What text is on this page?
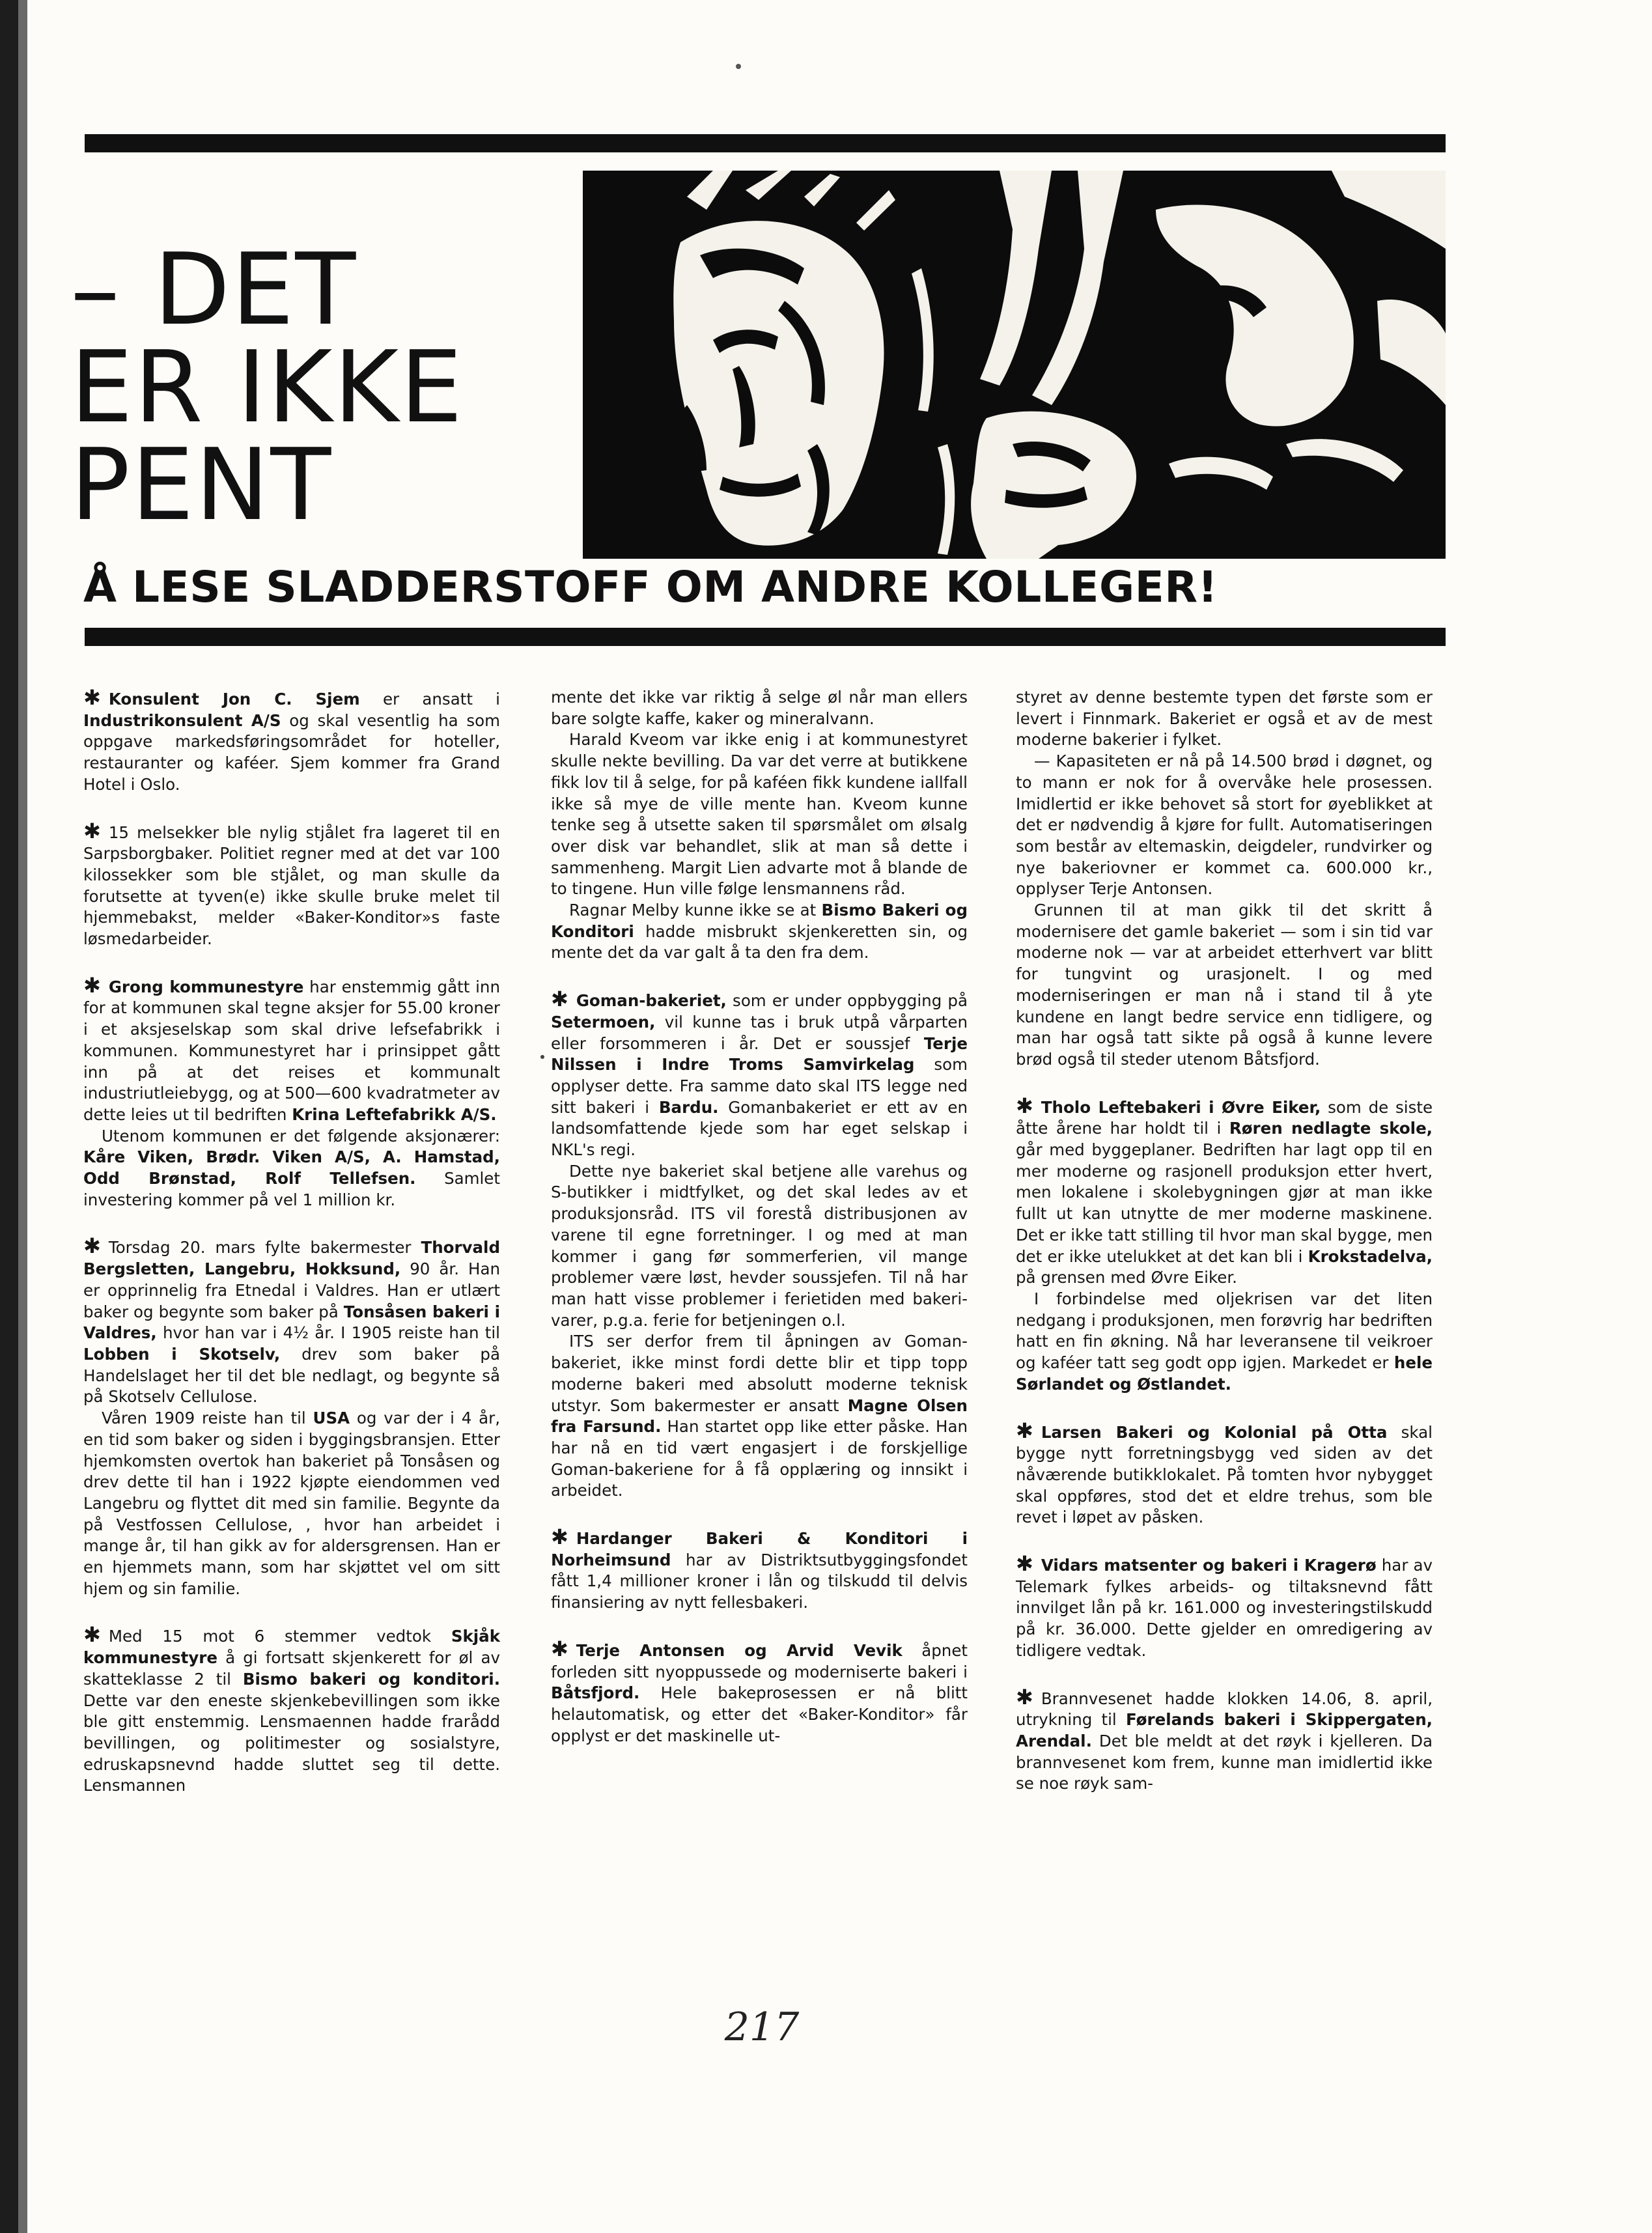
– DET
ER IKKE
PENT
Å LESE SLADDERSTOFF OM ANDRE KOLLEGER!

✱ Konsulent Jon C. Sjem er ansatt i Industrikonsulent A/S og skal vesentlig ha som oppgave markedsføringsområdet for hoteller, restauranter og kaféer. Sjem kommer fra Grand Hotel i Oslo.

✱ 15 melsekker ble nylig stjålet fra lageret til en Sarpsborgbaker. Politiet regner med at det var 100 kilossekker som ble stjålet, og man skulle da forutsette at tyven(e) ikke skulle bruke melet til hjemmebakst, melder «Baker-Konditor»s faste løsmedarbeider.

✱ Grong kommunestyre har enstemmig gått inn for at kommunen skal tegne aksjer for 55.00 kroner i et aksjeselskap som skal drive lefsefabrikk i kommunen. Kommunestyret har i prinsippet gått inn på at det reises et kommunalt industriutleiebygg, og at 500—600 kvadratmeter av dette leies ut til bedriften Krina Leftefabrikk A/S.

Utenom kommunen er det følgende aksjonærer: Kåre Viken, Brødr. Viken A/S, A. Hamstad, Odd Brønstad, Rolf Tellefsen. Samlet investering kommer på vel 1 million kr.

✱ Torsdag 20. mars fylte bakermester Thorvald Bergsletten, Langebru, Hokksund, 90 år. Han er opprinnelig fra Etnedal i Valdres. Han er utlært baker og begynte som baker på Tonsåsen bakeri i Valdres, hvor han var i 4½ år. I 1905 reiste han til Lobben i Skotselv, drev som baker på Handelslaget her til det ble nedlagt, og begynte så på Skotselv Cellulose.

Våren 1909 reiste han til USA og var der i 4 år, en tid som baker og siden i byggingsbransjen. Etter hjemkomsten overtok han bakeriet på Tonsåsen og drev dette til han i 1922 kjøpte eiendommen ved Langebru og flyttet dit med sin familie. Begynte da på Vestfossen Cellulose, , hvor han arbeidet i mange år, til han gikk av for aldersgrensen. Han er en hjemmets mann, som har skjøttet vel om sitt hjem og sin familie.

✱ Med 15 mot 6 stemmer vedtok Skjåk kommunestyre å gi fortsatt skjenkerett for øl av skatteklasse 2 til Bismo bakeri og konditori. Dette var den eneste skjenkebevillingen som ikke ble gitt enstemmig. Lensmaennen hadde frarådd bevillingen, og politimester og sosialstyre, edruskapsnevnd hadde sluttet seg til dette. Lensmannen

mente det ikke var riktig å selge øl når man ellers bare solgte kaffe, kaker og mineralvann.

Harald Kveom var ikke enig i at kommunestyret skulle nekte bevilling. Da var det verre at butikkene fikk lov til å selge, for på kaféen fikk kundene iallfall ikke så mye de ville mente han. Kveom kunne tenke seg å utsette saken til spørsmålet om ølsalg over disk var behandlet, slik at man så dette i sammenheng. Margit Lien advarte mot å blande de to tingene. Hun ville følge lensmannens råd.

Ragnar Melby kunne ikke se at Bismo Bakeri og Konditori hadde misbrukt skjenkeretten sin, og mente det da var galt å ta den fra dem.

✱ Goman-bakeriet, som er under oppbygging på Setermoen, vil kunne tas i bruk utpå vårparten eller forsommeren i år. Det er soussjef Terje Nilssen i Indre Troms Samvirkelag som opplyser dette. Fra samme dato skal ITS legge ned sitt bakeri i Bardu. Gomanbakeriet er ett av en landsomfattende kjede som har eget selskap i NKL's regi.

Dette nye bakeriet skal betjene alle varehus og S-butikker i midtfylket, og det skal ledes av et produksjonsråd. ITS vil forestå distribusjonen av varene til egne forretninger. I og med at man kommer i gang før sommerferien, vil mange problemer være løst, hevder soussjefen. Til nå har man hatt visse problemer i ferietiden med bakeri-varer, p.g.a. ferie for betjeningen o.l.

ITS ser derfor frem til åpningen av Goman-bakeriet, ikke minst fordi dette blir et tipp topp moderne bakeri med absolutt moderne teknisk utstyr. Som bakermester er ansatt Magne Olsen fra Farsund. Han startet opp like etter påske. Han har nå en tid vært engasjert i de forskjellige Goman-bakeriene for å få opplæring og innsikt i arbeidet.

✱ Hardanger Bakeri & Konditori i Norheimsund har av Distriktsutbyggingsfondet fått 1,4 millioner kroner i lån og tilskudd til delvis finansiering av nytt fellesbakeri.

✱ Terje Antonsen og Arvid Vevik åpnet forleden sitt nyoppussede og moderniserte bakeri i Båtsfjord. Hele bakeprosessen er nå blitt helautomatisk, og etter det «Baker-Konditor» får opplyst er det maskinelle ut-

styret av denne bestemte typen det første som er levert i Finnmark. Bakeriet er også et av de mest moderne bakerier i fylket.

— Kapasiteten er nå på 14.500 brød i døgnet, og to mann er nok for å overvåke hele prosessen. Imidlertid er ikke behovet så stort for øyeblikket at det er nødvendig å kjøre for fullt. Automatiseringen som består av eltemaskin, deigdeler, rundvirker og nye bakeriovner er kommet ca. 600.000 kr., opplyser Terje Antonsen.

Grunnen til at man gikk til det skritt å modernisere det gamle bakeriet — som i sin tid var moderne nok — var at arbeidet etterhvert var blitt for tungvint og urasjonelt. I og med moderniseringen er man nå i stand til å yte kundene en langt bedre service enn tidligere, og man har også tatt sikte på også å kunne levere brød også til steder utenom Båtsfjord.

✱ Tholo Leftebakeri i Øvre Eiker, som de siste åtte årene har holdt til i Røren nedlagte skole, går med byggeplaner. Bedriften har lagt opp til en mer moderne og rasjonell produksjon etter hvert, men lokalene i skolebygningen gjør at man ikke fullt ut kan utnytte de mer moderne maskinene. Det er ikke tatt stilling til hvor man skal bygge, men det er ikke utelukket at det kan bli i Krokstadelva, på grensen med Øvre Eiker.

I forbindelse med oljekrisen var det liten nedgang i produksjonen, men forøvrig har bedriften hatt en fin økning. Nå har leveransene til veikroer og kaféer tatt seg godt opp igjen. Markedet er hele Sørlandet og Østlandet.

✱ Larsen Bakeri og Kolonial på Otta skal bygge nytt forretningsbygg ved siden av det nåværende butikklokalet. På tomten hvor nybygget skal oppføres, stod det et eldre trehus, som ble revet i løpet av påsken.

✱ Vidars matsenter og bakeri i Kragerø har av Telemark fylkes arbeids- og tiltaksnevnd fått innvilget lån på kr. 161.000 og investeringstilskudd på kr. 36.000. Dette gjelder en omredigering av tidligere vedtak.

✱ Brannvesenet hadde klokken 14.06, 8. april, utrykning til Førelands bakeri i Skippergaten, Arendal. Det ble meldt at det røyk i kjelleren. Da brannvesenet kom frem, kunne man imidlertid ikke se noe røyk sam-

217
